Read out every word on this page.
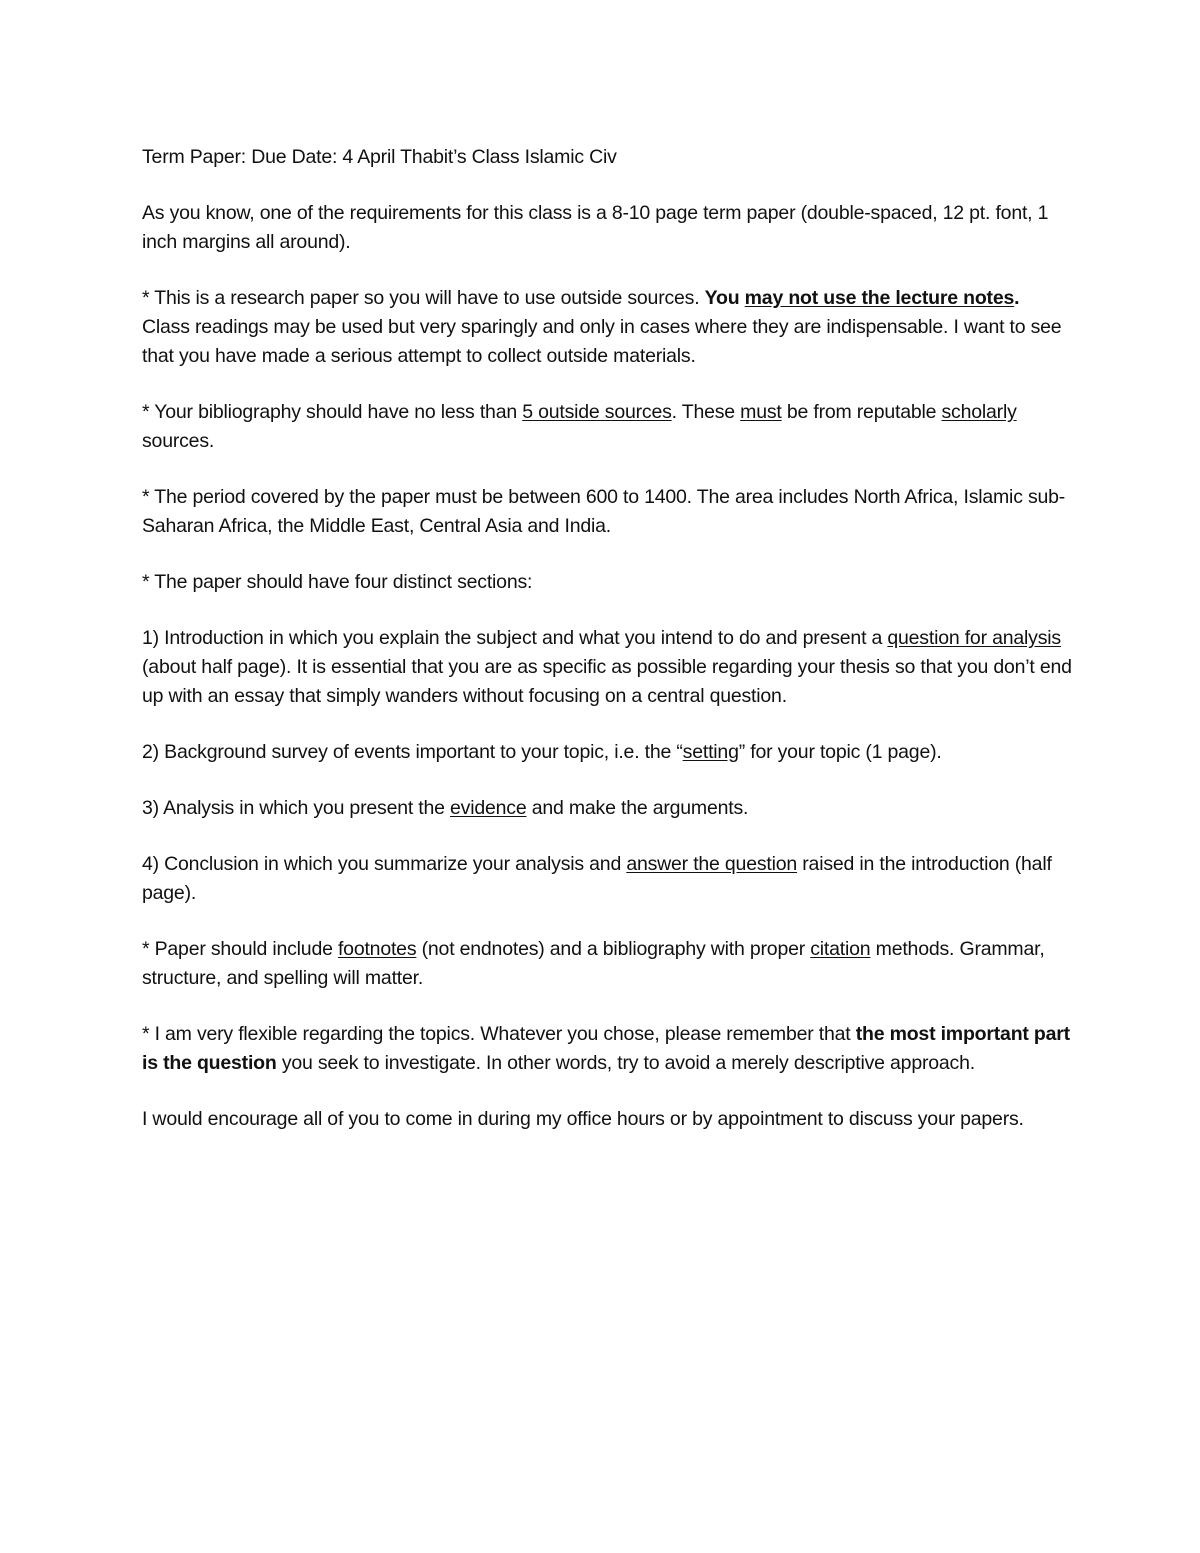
Term Paper: Due Date: 4 April Thabit’s Class Islamic Civ

As you know, one of the requirements for this class is a 8-10 page term paper (double-spaced, 12 pt. font, 1 inch margins all around).

* This is a research paper so you will have to use outside sources. You may not use the lecture notes. Class readings may be used but very sparingly and only in cases where they are indispensable. I want to see that you have made a serious attempt to collect outside materials.

* Your bibliography should have no less than 5 outside sources. These must be from reputable scholarly sources.

* The period covered by the paper must be between 600 to 1400. The area includes North Africa, Islamic sub-Saharan Africa, the Middle East, Central Asia and India.

* The paper should have four distinct sections:

1) Introduction in which you explain the subject and what you intend to do and present a question for analysis (about half page). It is essential that you are as specific as possible regarding your thesis so that you don’t end up with an essay that simply wanders without focusing on a central question.

2) Background survey of events important to your topic, i.e. the “setting” for your topic (1 page).

3) Analysis in which you present the evidence and make the arguments.

4) Conclusion in which you summarize your analysis and answer the question raised in the introduction (half page).

* Paper should include footnotes (not endnotes) and a bibliography with proper citation methods. Grammar, structure, and spelling will matter.

* I am very flexible regarding the topics. Whatever you chose, please remember that the most important part is the question you seek to investigate. In other words, try to avoid a merely descriptive approach.

I would encourage all of you to come in during my office hours or by appointment to discuss your papers.
